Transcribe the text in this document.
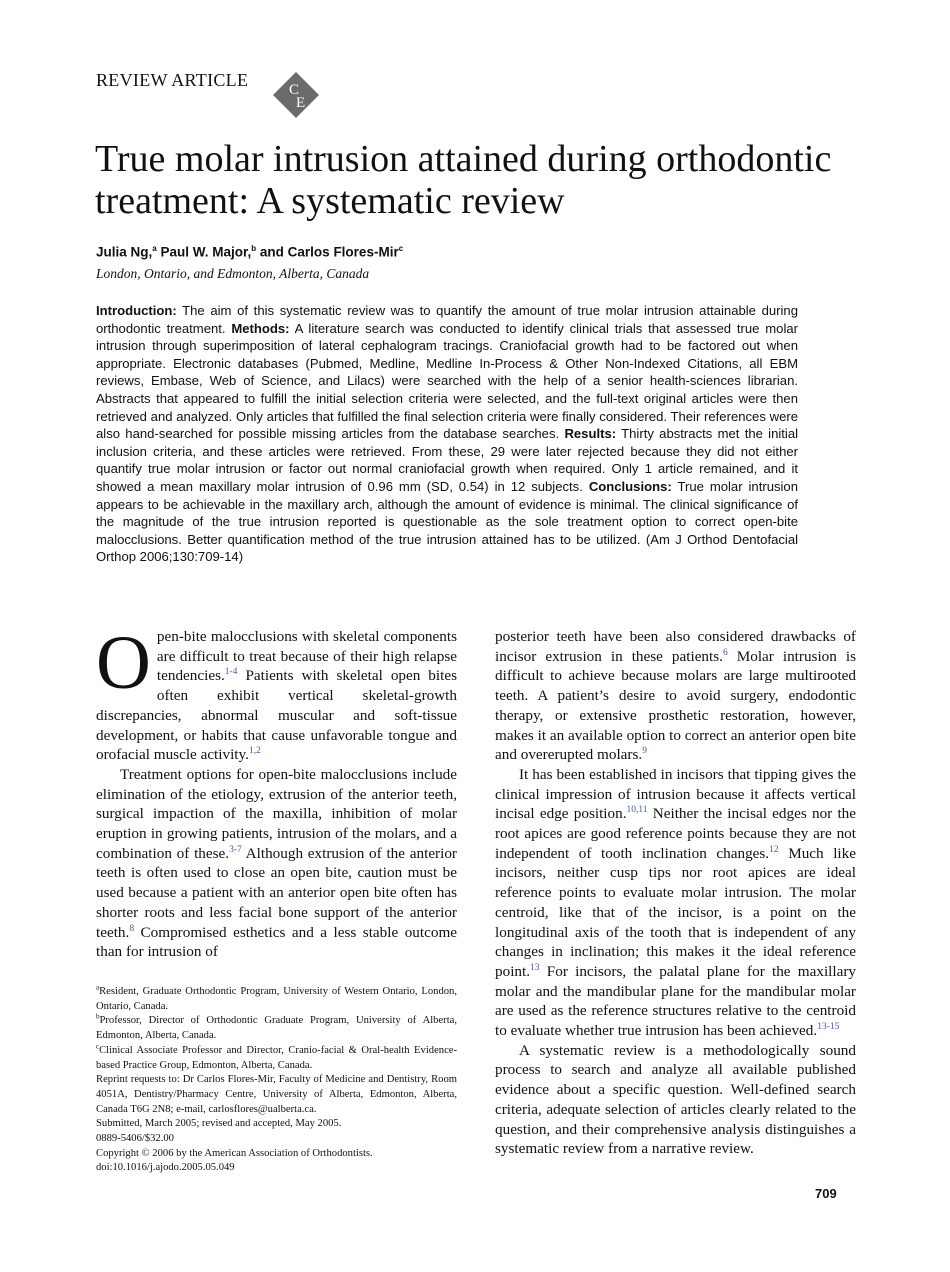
REVIEW ARTICLE	C
E
True molar intrusion attained during orthodontic treatment: A systematic review
Julia Ng,$^a$ Paul W. Major,$^b$ and Carlos Flores-Mir$^c$
London, Ontario, and Edmonton, Alberta, Canada

Introduction: The aim of this systematic review was to quantify the amount of true molar intrusion attainable during orthodontic treatment. Methods: A literature search was conducted to identify clinical trials that assessed true molar intrusion through superimposition of lateral cephalogram tracings. Craniofacial growth had to be factored out when appropriate. Electronic databases (Pubmed, Medline, Medline In-Process & Other Non-Indexed Citations, all EBM reviews, Embase, Web of Science, and Lilacs) were searched with the help of a senior health-sciences librarian. Abstracts that appeared to fulfill the initial selection criteria were selected, and the full-text original articles were then retrieved and analyzed. Only articles that fulfilled the final selection criteria were finally considered. Their references were also hand-searched for possible missing articles from the database searches. Results: Thirty abstracts met the initial inclusion criteria, and these articles were retrieved. From these, 29 were later rejected because they did not either quantify true molar intrusion or factor out normal craniofacial growth when required. Only 1 article remained, and it showed a mean maxillary molar intrusion of 0.96 mm (SD, 0.54) in 12 subjects. Conclusions: True molar intrusion appears to be achievable in the maxillary arch, although the amount of evidence is minimal. The clinical significance of the magnitude of the true intrusion reported is questionable as the sole treatment option to correct open-bite malocclusions. Better quantification method of the true intrusion attained has to be utilized. (Am J Orthod Dentofacial Orthop 2006;130:709-14)

Open-bite malocclusions with skeletal components are difficult to treat because of their high relapse tendencies.$^{1-4}$ Patients with skeletal open bites often exhibit vertical skeletal-growth discrepancies, abnormal muscular and soft-tissue development, or habits that cause unfavorable tongue and orofacial muscle activity.$^{1,2}$

Treatment options for open-bite malocclusions include elimination of the etiology, extrusion of the anterior teeth, surgical impaction of the maxilla, inhibition of molar eruption in growing patients, intrusion of the molars, and a combination of these.$^{3-7}$ Although extrusion of the anterior teeth is often used to close an open bite, caution must be used because a patient with an anterior open bite often has shorter roots and less facial bone support of the anterior teeth.$^8$ Compromised esthetics and a less stable outcome than for intrusion of

$^a$Resident, Graduate Orthodontic Program, University of Western Ontario, London, Ontario, Canada.
$^b$Professor, Director of Orthodontic Graduate Program, University of Alberta, Edmonton, Alberta, Canada.
$^c$Clinical Associate Professor and Director, Cranio-facial & Oral-health Evidence-based Practice Group, Edmonton, Alberta, Canada.
Reprint requests to: Dr Carlos Flores-Mir, Faculty of Medicine and Dentistry, Room 4051A, Dentistry/Pharmacy Centre, University of Alberta, Edmonton, Alberta, Canada T6G 2N8; e-mail, carlosflores@ualberta.ca.
Submitted, March 2005; revised and accepted, May 2005.
0889-5406/$32.00
Copyright © 2006 by the American Association of Orthodontists.
doi:10.1016/j.ajodo.2005.05.049

posterior teeth have been also considered drawbacks of incisor extrusion in these patients.$^6$ Molar intrusion is difficult to achieve because molars are large multirooted teeth. A patient’s desire to avoid surgery, endodontic therapy, or extensive prosthetic restoration, however, makes it an available option to correct an anterior open bite and overerupted molars.$^9$

It has been established in incisors that tipping gives the clinical impression of intrusion because it affects vertical incisal edge position.$^{10,11}$ Neither the incisal edges nor the root apices are good reference points because they are not independent of tooth inclination changes.$^{12}$ Much like incisors, neither cusp tips nor root apices are ideal reference points to evaluate molar intrusion. The molar centroid, like that of the incisor, is a point on the longitudinal axis of the tooth that is independent of any changes in inclination; this makes it the ideal reference point.$^{13}$ For incisors, the palatal plane for the maxillary molar and the mandibular plane for the mandibular molar are used as the reference structures relative to the centroid to evaluate whether true intrusion has been achieved.$^{13-15}$

A systematic review is a methodologically sound process to search and analyze all available published evidence about a specific question. Well-defined search criteria, adequate selection of articles clearly related to the question, and their comprehensive analysis distinguishes a systematic review from a narrative review.

709
